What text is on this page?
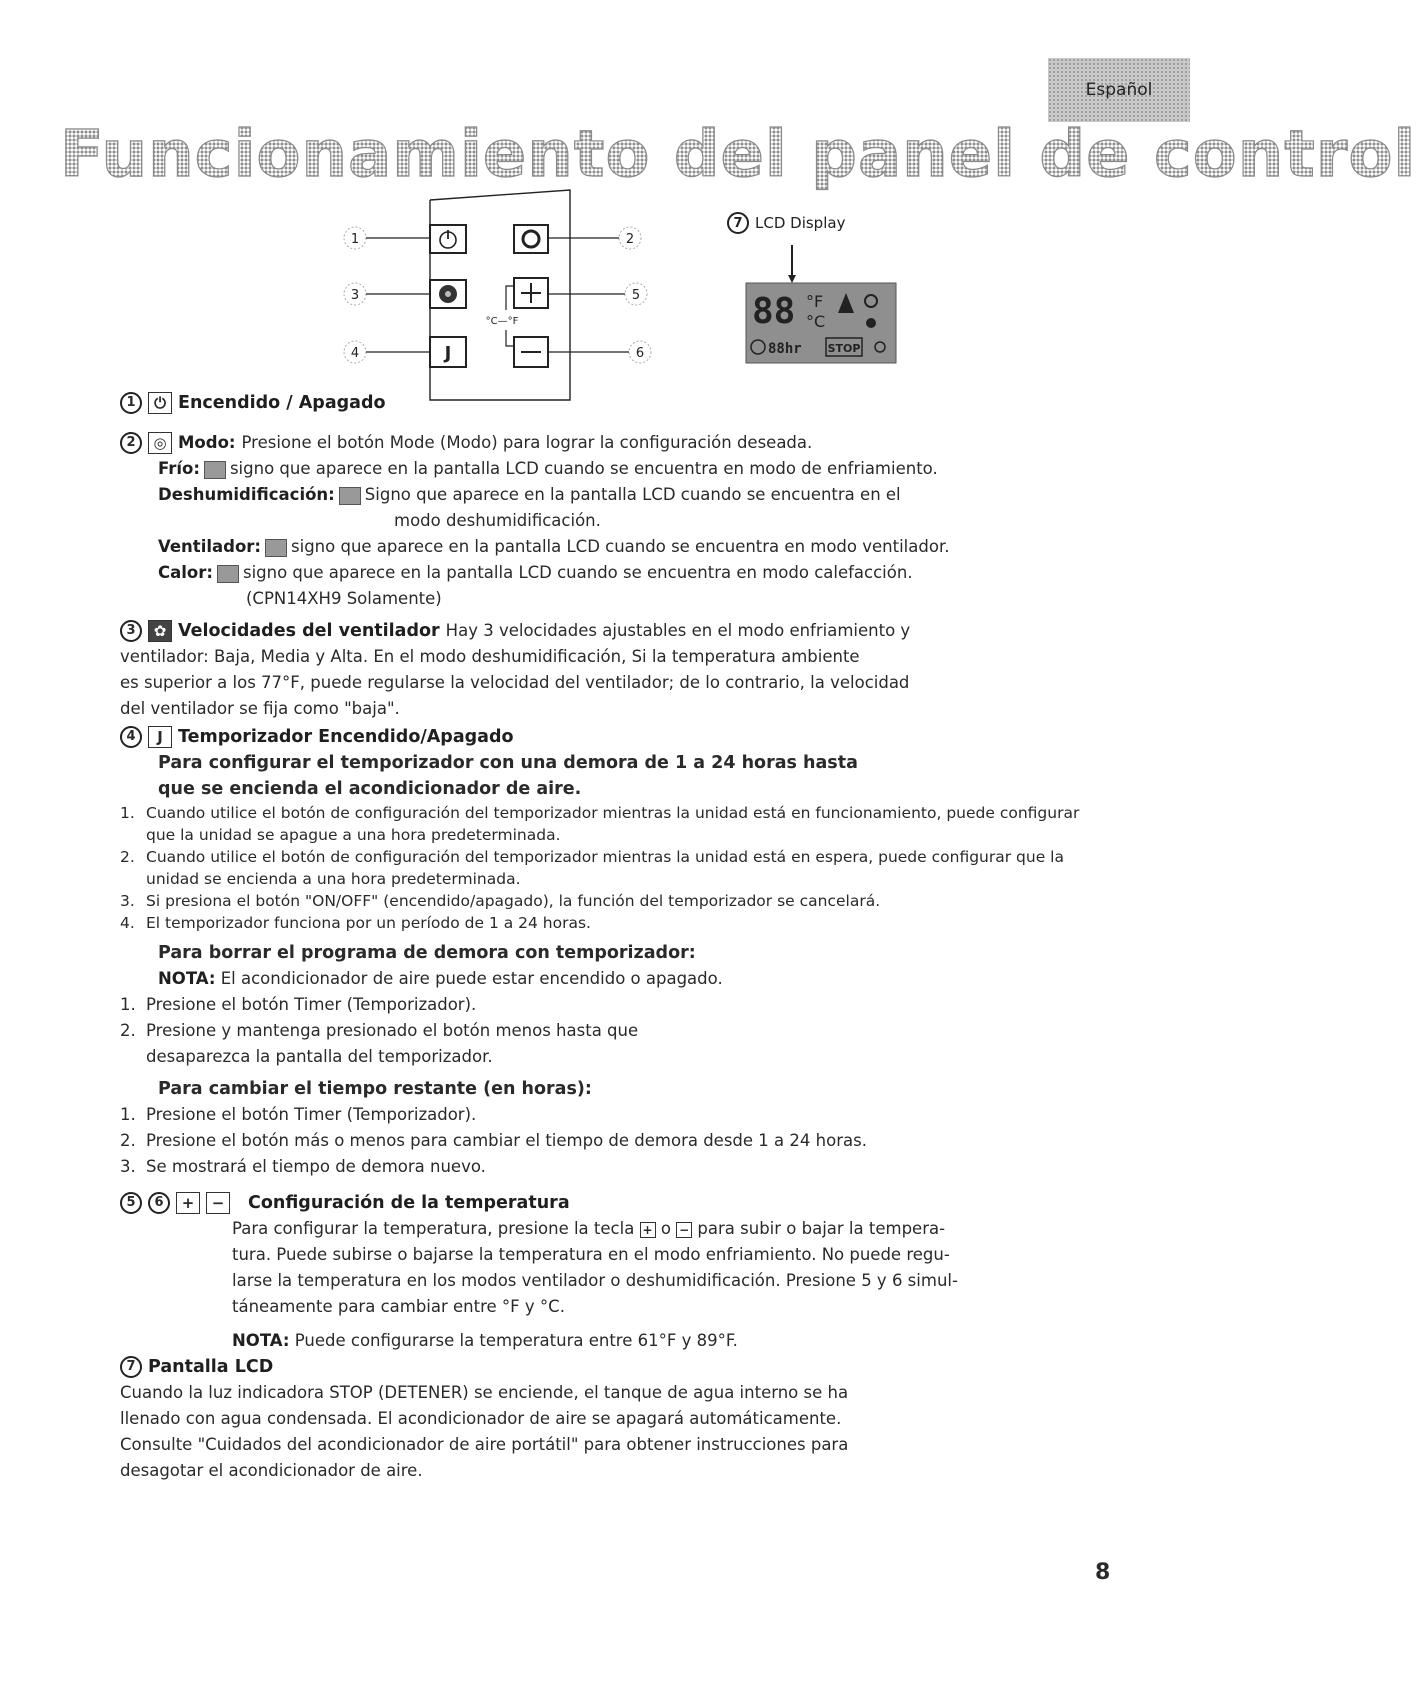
Español
Funcionamiento del panel de control
1
3
4
2
5
6
J
°C—°F
7 LCD Display
88 °F
°C
88hr STOP
1	⏻ Encendido / Apagado
2	◎ Modo: Presione el botón Mode (Modo) para lograr la configuración deseada.
Frío: signo que aparece en la pantalla LCD cuando se encuentra en modo de enfriamiento.
Deshumidificación: Signo que aparece en la pantalla LCD cuando se encuentra en el
modo deshumidificación.
Ventilador: signo que aparece en la pantalla LCD cuando se encuentra en modo ventilador.
Calor: signo que aparece en la pantalla LCD cuando se encuentra en modo calefacción.
(CPN14XH9 Solamente)
3	✿ Velocidades del ventilador Hay 3 velocidades ajustables en el modo enfriamiento y
ventilador: Baja, Media y Alta. En el modo deshumidificación, Si la temperatura ambiente
es superior a los 77°F, puede regularse la velocidad del ventilador; de lo contrario, la velocidad
del ventilador se fija como "baja".
4	J Temporizador Encendido/Apagado
Para configurar el temporizador con una demora de 1 a 24 horas hasta
que se encienda el acondicionador de aire.
1. Cuando utilice el botón de configuración del temporizador mientras la unidad está en funcionamiento, puede configurar que la unidad se apague a una hora predeterminada.
2. Cuando utilice el botón de configuración del temporizador mientras la unidad está en espera, puede configurar que la unidad se encienda a una hora predeterminada.
3. Si presiona el botón "ON/OFF" (encendido/apagado), la función del temporizador se cancelará.
4. El temporizador funciona por un período de 1 a 24 horas.
Para borrar el programa de demora con temporizador:
NOTA: El acondicionador de aire puede estar encendido o apagado.
1. Presione el botón Timer (Temporizador).
2. Presione y mantenga presionado el botón menos hasta que desaparezca la pantalla del temporizador.
Para cambiar el tiempo restante (en horas):
1. Presione el botón Timer (Temporizador).
2. Presione el botón más o menos para cambiar el tiempo de demora desde 1 a 24 horas.
3. Se mostrará el tiempo de demora nuevo.
5	6	+	−	Configuración de la temperatura
Para configurar la temperatura, presione la tecla + o − para subir o bajar la tempera-
tura. Puede subirse o bajarse la temperatura en el modo enfriamiento. No puede regu-
larse la temperatura en los modos ventilador o deshumidificación. Presione 5 y 6 simul-
táneamente para cambiar entre °F y °C.
NOTA: Puede configurarse la temperatura entre 61°F y 89°F.
7 Pantalla LCD
Cuando la luz indicadora STOP (DETENER) se enciende, el tanque de agua interno se ha
llenado con agua condensada. El acondicionador de aire se apagará automáticamente.
Consulte "Cuidados del acondicionador de aire portátil" para obtener instrucciones para
desagotar el acondicionador de aire.
8
